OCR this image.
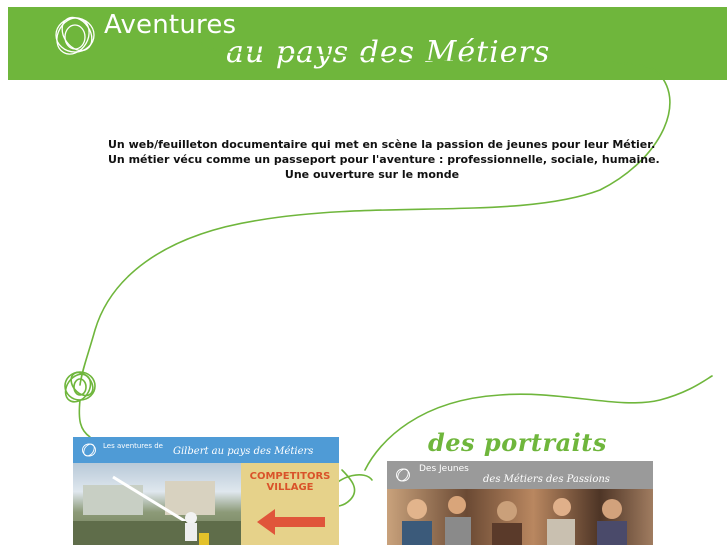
Aventures
au pays des Métiers
Un web/feuilleton documentaire qui met en scène la passion de jeunes pour leur Métier.
Un métier vécu comme un passeport pour l'aventure : professionnelle, sociale, humaine.
Une ouverture sur le monde
Les aventures de Gilbert au pays des Métiers
COMPETITORS VILLAGE
des portraits
Des Jeunes
des Métiers des Passions
